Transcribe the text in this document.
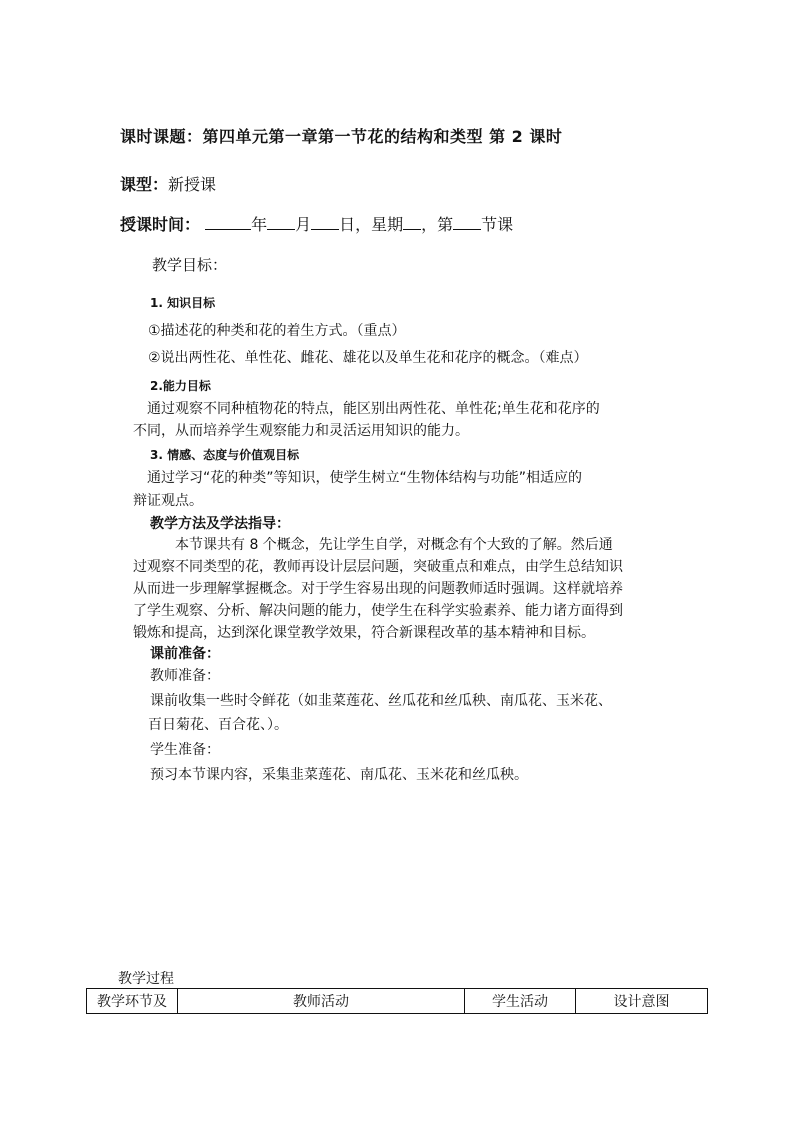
课时课题：第四单元第一章第一节花的结构和类型 第 2 课时
课型：新授课
授课时间：	年 月 日，星期 ，第 节课
教学目标：
1. 知识目标
①描述花的种类和花的着生方式。（重点）
②说出两性花、单性花、雌花、雄花以及单生花和花序的概念。（难点）
2.能力目标
通过观察不同种植物花的特点，能区别出两性花、单性花;单生花和花序的
不同，从而培养学生观察能力和灵活运用知识的能力。
3. 情感、态度与价值观目标
通过学习“花的种类”等知识，使学生树立“生物体结构与功能”相适应的
辩证观点。
教学方法及学法指导：
本节课共有 8 个概念，先让学生自学，对概念有个大致的了解。然后通
过观察不同类型的花，教师再设计层层问题，突破重点和难点，由学生总结知识
从而进一步理解掌握概念。对于学生容易出现的问题教师适时强调。这样就培养
了学生观察、分析、解决问题的能力，使学生在科学实验素养、能力诸方面得到
锻炼和提高，达到深化课堂教学效果，符合新课程改革的基本精神和目标。
课前准备：
教师准备：
课前收集一些时令鲜花（如韭菜莲花、丝瓜花和丝瓜秧、南瓜花、玉米花、
百日菊花、百合花、）。
学生准备：
预习本节课内容，采集韭菜莲花、南瓜花、玉米花和丝瓜秧。
教学过程
教学环节及	教师活动	学生活动	设计意图
